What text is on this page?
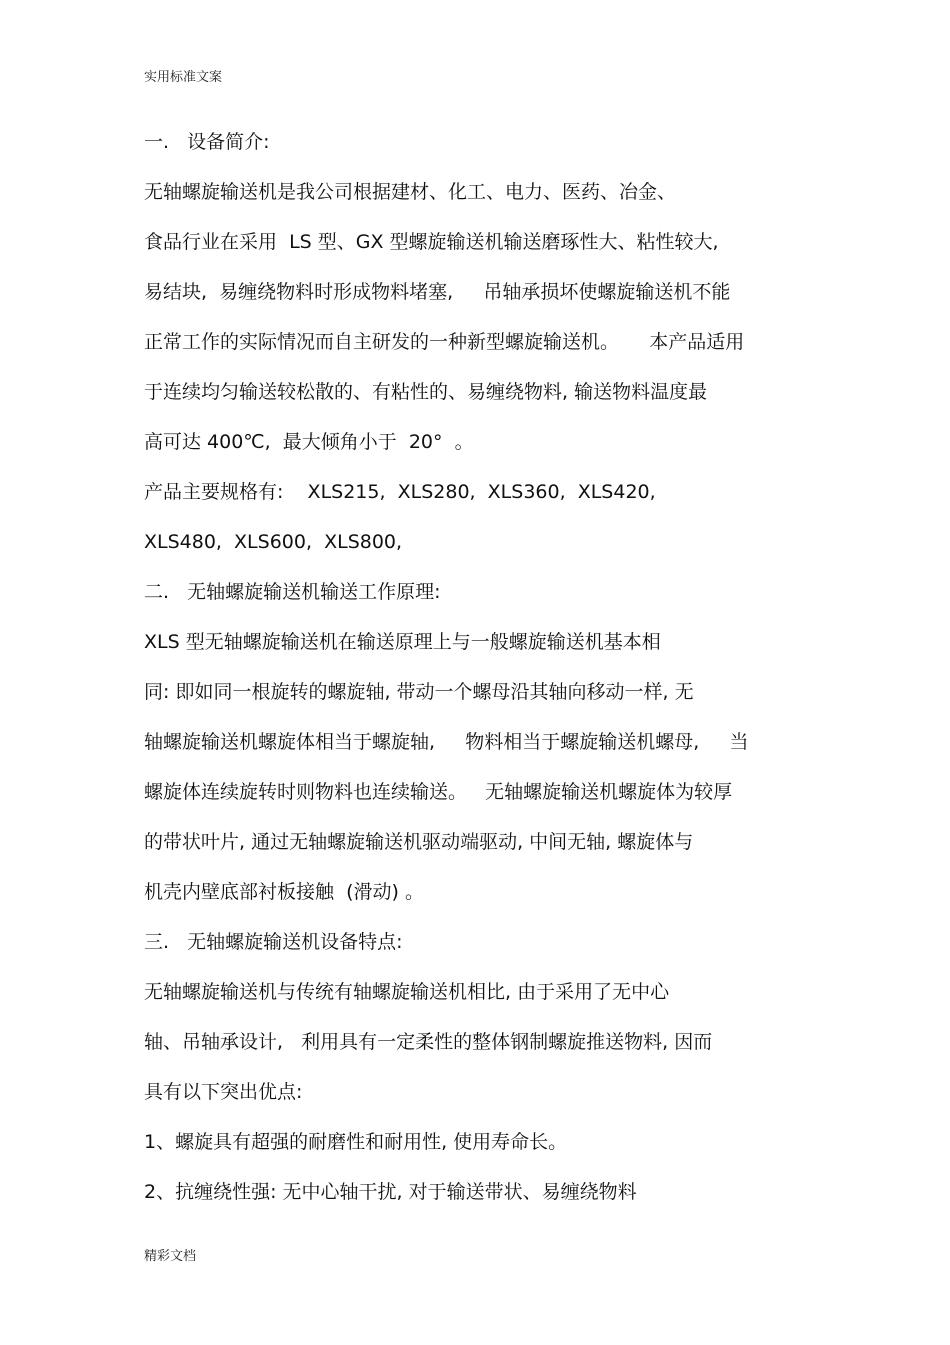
实用标准文案
一.   设备简介:
无轴螺旋输送机是我公司根据建材、化工、电力、医药、冶金、
食品行业在采用  LS 型、GX 型螺旋输送机输送磨琢性大、粘性较大,
易结块,  易缠绕物料时形成物料堵塞,     吊轴承损坏使螺旋输送机不能
正常工作的实际情况而自主研发的一种新型螺旋输送机。     本产品适用
于连续均匀输送较松散的、有粘性的、易缠绕物料, 输送物料温度最
高可达 400℃,  最大倾角小于  20°  。
产品主要规格有:    XLS215,  XLS280,  XLS360,  XLS420,
XLS480,  XLS600,  XLS800,
二.   无轴螺旋输送机输送工作原理:
XLS 型无轴螺旋输送机在输送原理上与一般螺旋输送机基本相
同: 即如同一根旋转的螺旋轴, 带动一个螺母沿其轴向移动一样, 无
轴螺旋输送机螺旋体相当于螺旋轴,     物料相当于螺旋输送机螺母,     当
螺旋体连续旋转时则物料也连续输送。   无轴螺旋输送机螺旋体为较厚
的带状叶片, 通过无轴螺旋输送机驱动端驱动, 中间无轴, 螺旋体与
机壳内壁底部衬板接触  (滑动) 。
三.   无轴螺旋输送机设备特点:
无轴螺旋输送机与传统有轴螺旋输送机相比, 由于采用了无中心
轴、吊轴承设计,   利用具有一定柔性的整体钢制螺旋推送物料, 因而
具有以下突出优点:
1、螺旋具有超强的耐磨性和耐用性, 使用寿命长。
2、抗缠绕性强: 无中心轴干扰, 对于输送带状、易缠绕物料
精彩文档
